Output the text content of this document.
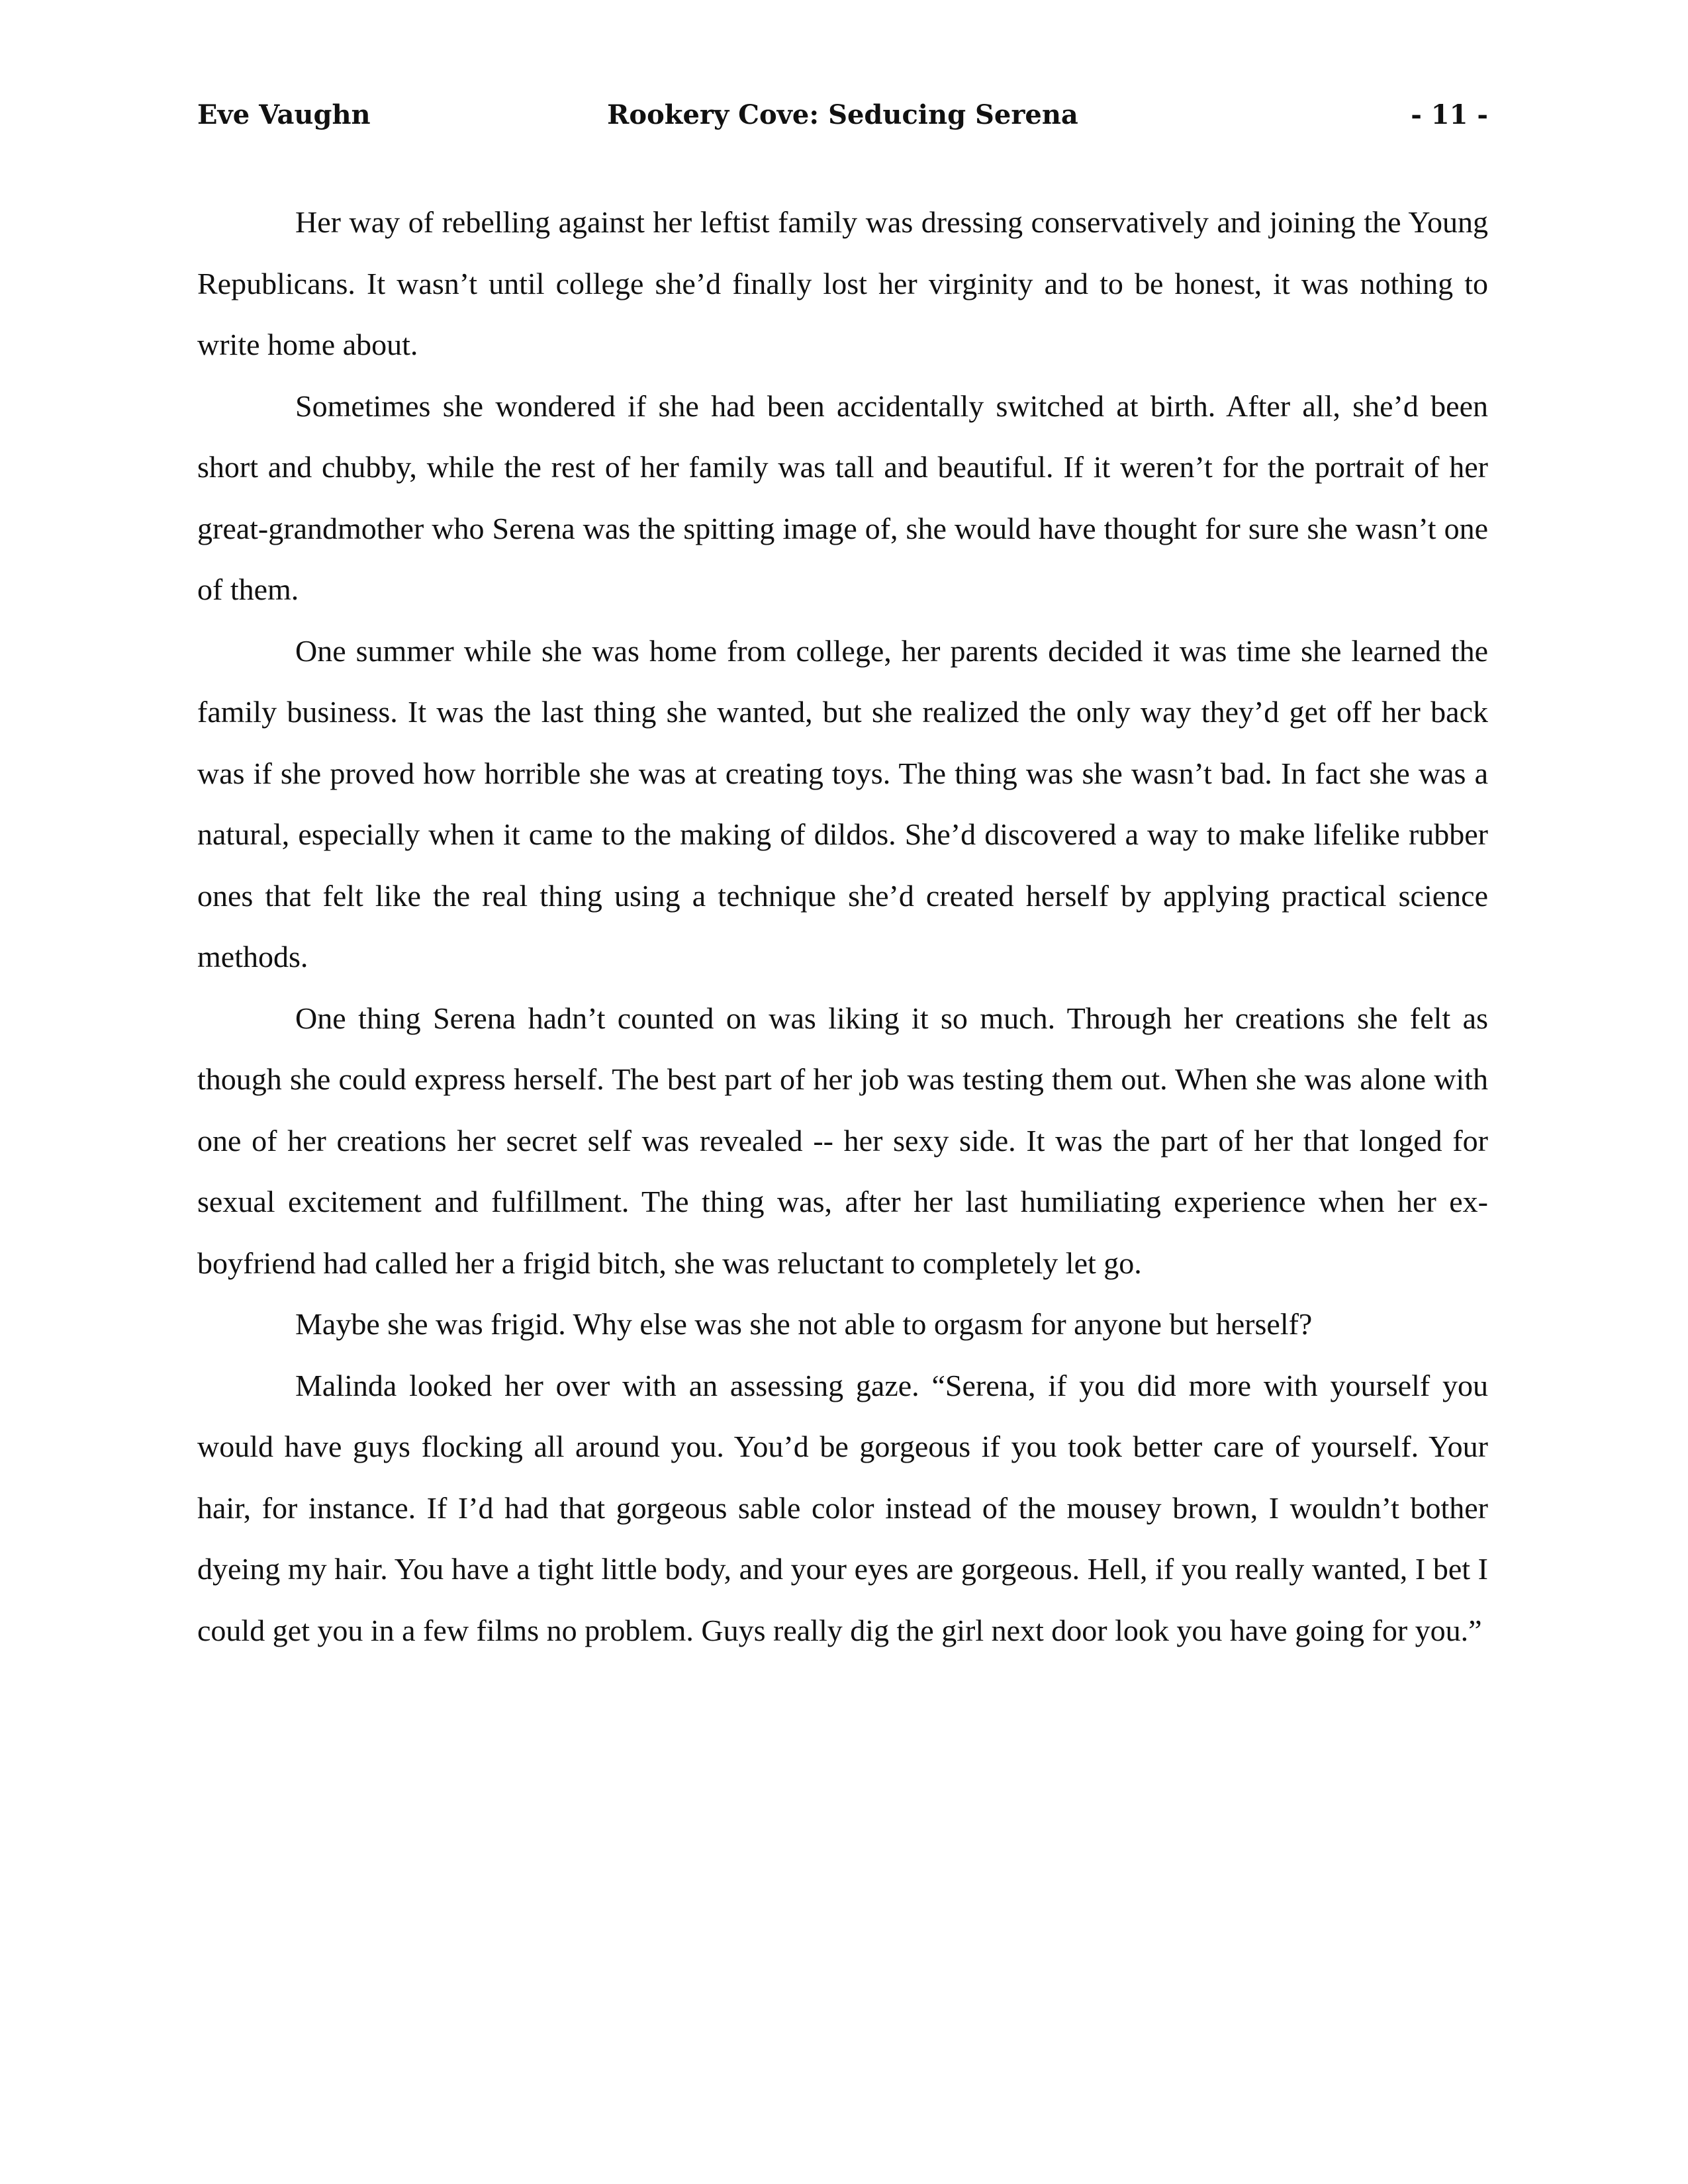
Eve Vaughn	Rookery Cove: Seducing Serena	- 11 -

Her way of rebelling against her leftist family was dressing conservatively and joining the Young Republicans. It wasn’t until college she’d finally lost her virginity and to be honest, it was nothing to write home about.

Sometimes she wondered if she had been accidentally switched at birth. After all, she’d been short and chubby, while the rest of her family was tall and beautiful. If it weren’t for the portrait of her great-grandmother who Serena was the spitting image of, she would have thought for sure she wasn’t one of them.

One summer while she was home from college, her parents decided it was time she learned the family business. It was the last thing she wanted, but she realized the only way they’d get off her back was if she proved how horrible she was at creating toys. The thing was she wasn’t bad. In fact she was a natural, especially when it came to the making of dildos. She’d discovered a way to make lifelike rubber ones that felt like the real thing using a technique she’d created herself by applying practical science methods.

One thing Serena hadn’t counted on was liking it so much. Through her creations she felt as though she could express herself. The best part of her job was testing them out. When she was alone with one of her creations her secret self was revealed -- her sexy side. It was the part of her that longed for sexual excitement and fulfillment. The thing was, after her last humiliating experience when her ex-boyfriend had called her a frigid bitch, she was reluctant to completely let go.

Maybe she was frigid. Why else was she not able to orgasm for anyone but herself?

Malinda looked her over with an assessing gaze. “Serena, if you did more with yourself you would have guys flocking all around you. You’d be gorgeous if you took better care of yourself. Your hair, for instance. If I’d had that gorgeous sable color instead of the mousey brown, I wouldn’t bother dyeing my hair. You have a tight little body, and your eyes are gorgeous. Hell, if you really wanted, I bet I could get you in a few films no problem. Guys really dig the girl next door look you have going for you.”
